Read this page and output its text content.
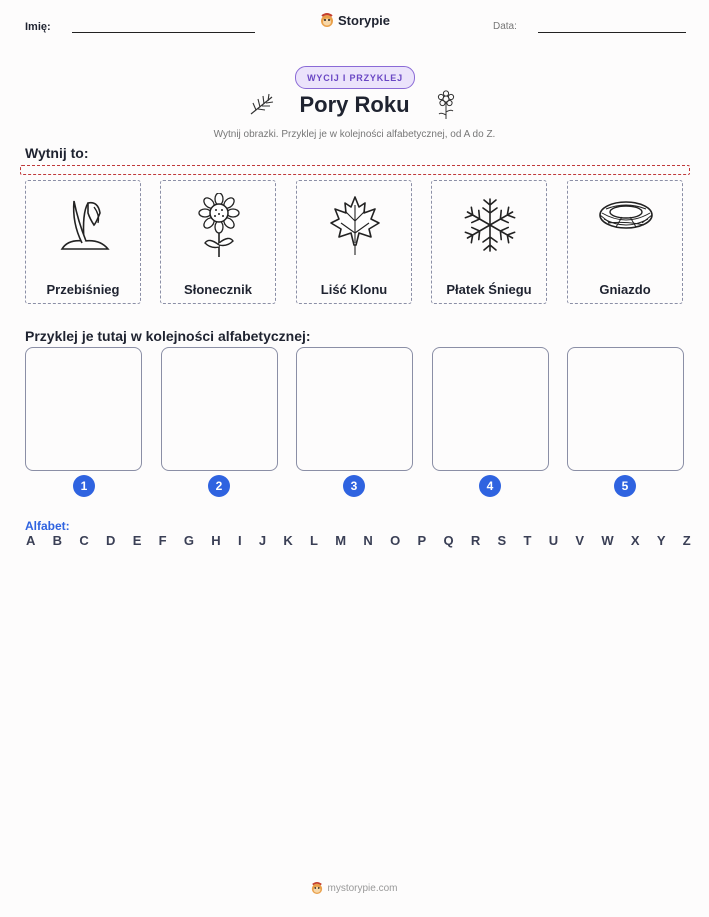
Imię:	Storypie	Data:
WYCIJ I PRZYKLEJ
Pory Roku
Wytnij obrazki. Przyklej je w kolejności alfabetycznej, od A do Z.
Wytnij to:
Przebiśnieg	Słonecznik	Liść Klonu	Płatek Śniegu	Gniazdo
Przyklej je tutaj w kolejności alfabetycznej:
1	2	3	4	5
Alfabet:
A B C D E F G H I J K L M N O P Q R S T U V W X Y Z
mystorypie.com
